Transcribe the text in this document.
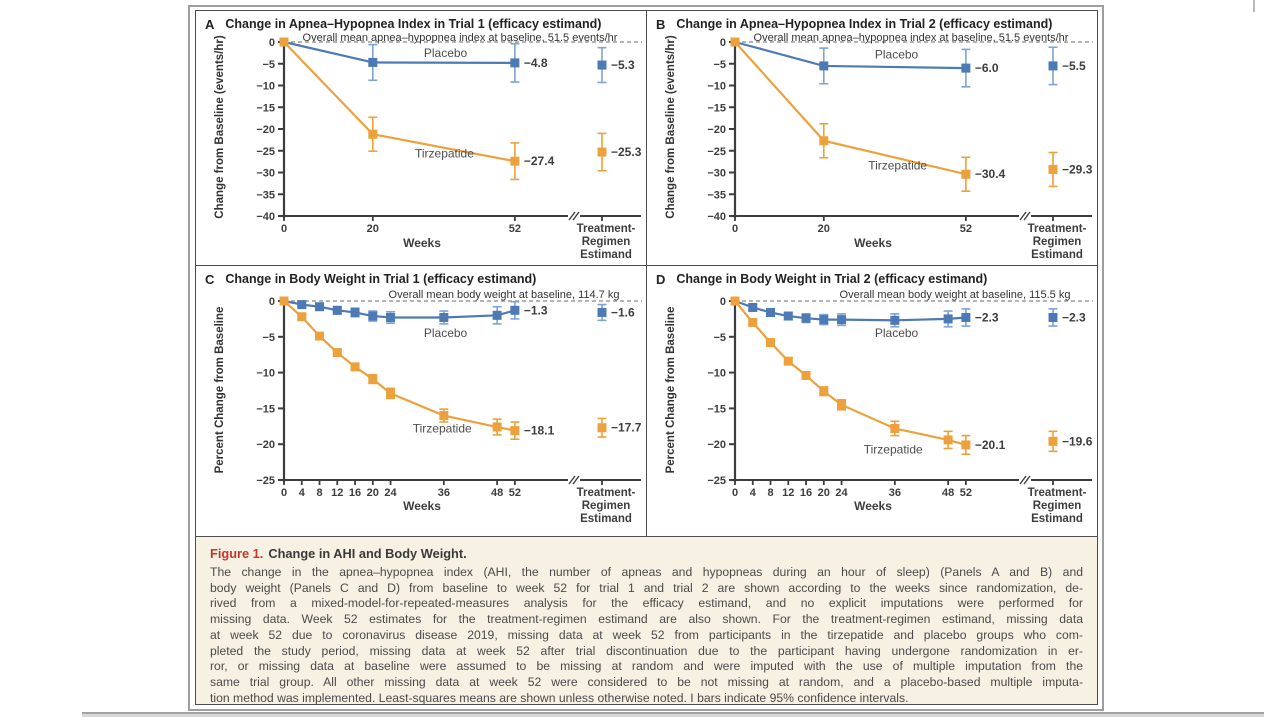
A Change in Apnea–Hypopnea Index in Trial 1 (efficacy estimand)
Overall mean apnea–hypopnea index at baseline, 51.5 events/hr
Change from Baseline (events/hr)	0
−5
−10
−15
−20
−25
−30
−35
−40
0	20	52
Weeks
Treatment-
Regimen
Estimand
−4.8	−5.3
Placebo
−27.4
−25.3
Tirzepatide
B Change in Apnea–Hypopnea Index in Trial 2 (efficacy estimand)
Overall mean apnea–hypopnea index at baseline, 51.5 events/hr
Change from Baseline (events/hr)	0
−5
−10
−15
−20
−25
−30
−35
−40
0	20	52
Weeks
Treatment-
Regimen
Estimand
−6.0	−5.5
Placebo
−30.4	−29.3
Tirzepatide
C Change in Body Weight in Trial 1 (efficacy estimand)
Overall mean body weight at baseline, 114.7 kg
Percent Change from Baseline
0
−5
−10
−15
−20
−25
0 4 8 12 16 20 24	36	48 52
Weeks
Treatment-
Regimen
Estimand
−1.3	−1.6
Placebo
−18.1	−17.7
Tirzepatide
D Change in Body Weight in Trial 2 (efficacy estimand)
Overall mean body weight at baseline, 115.5 kg
Percent Change from Baseline
0
−5
−10
−15
−20
−25
0 4 8 12 16 20 24	36	48 52
Weeks
Treatment-
Regimen
Estimand
−2.3	−2.3
Placebo
−20.1	−19.6
Tirzepatide
Figure 1. Change in AHI and Body Weight.
The change in the apnea–hypopnea index (AHI, the number of apneas and hypopneas during an hour of sleep) (Panels A and B) and
body weight (Panels C and D) from baseline to week 52 for trial 1 and trial 2 are shown according to the weeks since randomization, de-
rived from a mixed-model-for-repeated-measures analysis for the efficacy estimand, and no explicit imputations were performed for
missing data. Week 52 estimates for the treatment-regimen estimand are also shown. For the treatment-regimen estimand, missing data
at week 52 due to coronavirus disease 2019, missing data at week 52 from participants in the tirzepatide and placebo groups who com-
pleted the study period, missing data at week 52 after trial discontinuation due to the participant having undergone randomization in er-
ror, or missing data at baseline were assumed to be missing at random and were imputed with the use of multiple imputation from the
same trial group. All other missing data at week 52 were considered to be not missing at random, and a placebo-based multiple imputa-
tion method was implemented. Least-squares means are shown unless otherwise noted. I bars indicate 95% confidence intervals.
